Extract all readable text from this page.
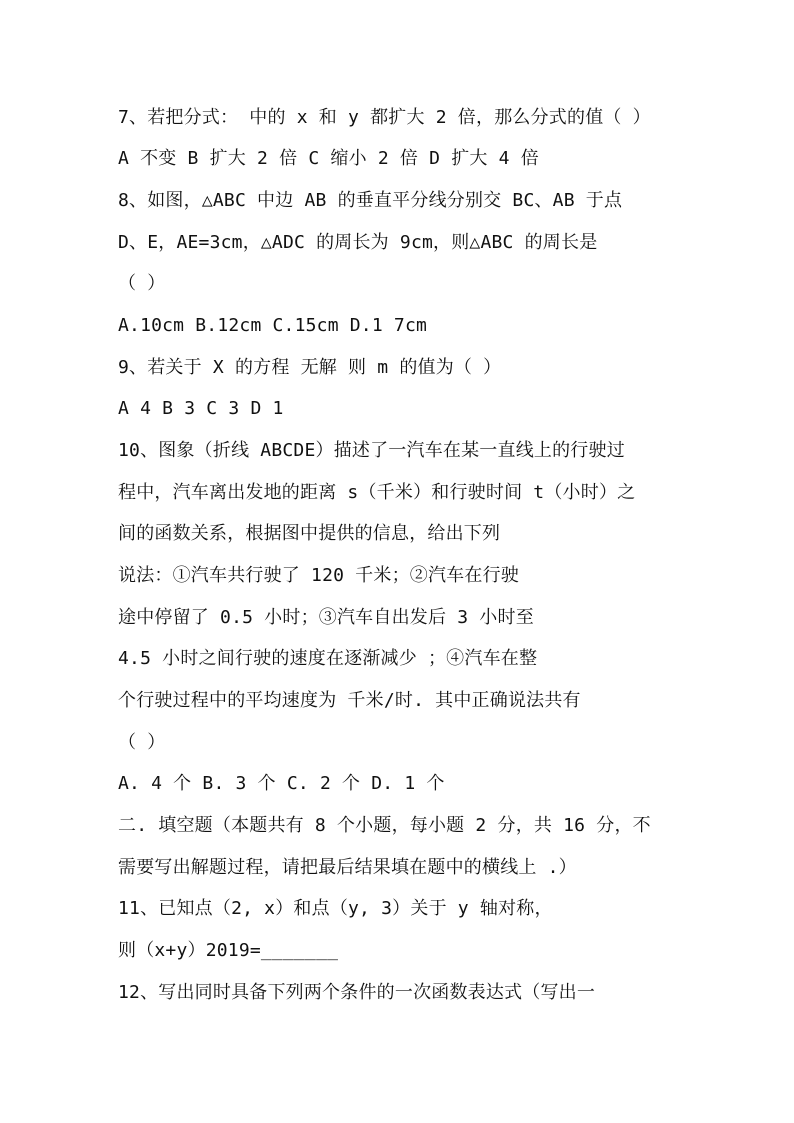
7、若把分式： 中的 x 和 y 都扩大 2 倍，那么分式的值（ ）
A 不变 B 扩大 2 倍 C 缩小 2 倍 D 扩大 4 倍
8、如图，△ABC 中边 AB 的垂直平分线分别交 BC、AB 于点
D、E，AE=3cm，△ADC 的周长为 9cm，则△ABC 的周长是
（ ）
A.10cm B.12cm C.15cm D.1 7cm
9、若关于 X 的方程 无解 则 m 的值为（ ）
A 4 B 3 C 3 D 1
10、图象（折线 ABCDE）描述了一汽车在某一直线上的行驶过
程中，汽车离出发地的距离 s（千米）和行驶时间 t（小时）之
间的函数关系，根据图中提供的信息，给出下列
说法：①汽车共行驶了 120 千米；②汽车在行驶
途中停留了 0.5 小时；③汽车自出发后 3 小时至
4.5 小时之间行驶的速度在逐渐减少 ；④汽车在整
个行驶过程中的平均速度为 千米/时. 其中正确说法共有
（ ）
A. 4 个 B. 3 个 C. 2 个 D. 1 个
二. 填空题（本题共有 8 个小题，每小题 2 分，共 16 分，不
需要写出解题过程，请把最后结果填在题中的横线上 .）
11、已知点（2, x）和点（y, 3）关于 y 轴对称，
则（x+y）2019=_______
12、写出同时具备下列两个条件的一次函数表达式（写出一
